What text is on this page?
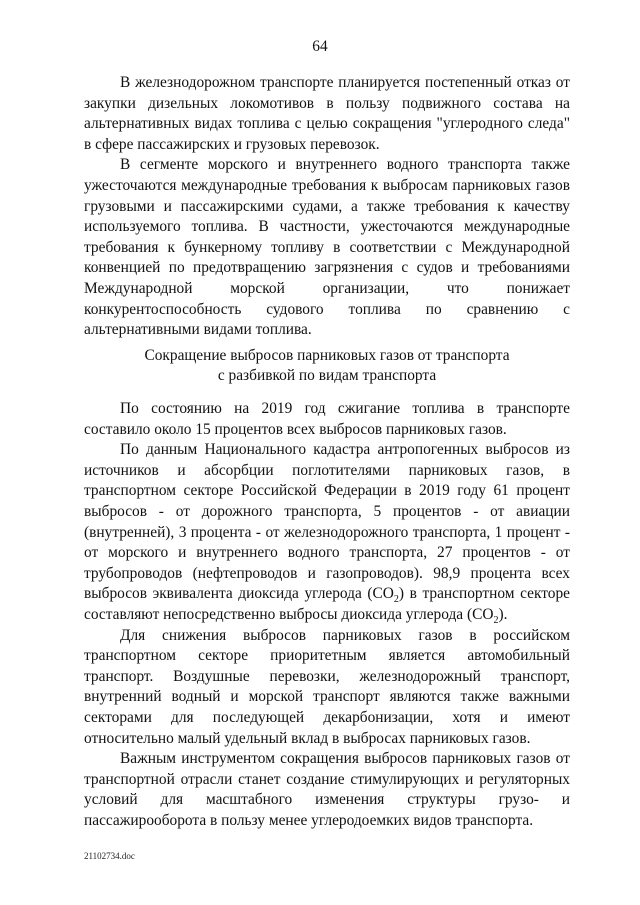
64

В железнодорожном транспорте планируется постепенный отказ от закупки дизельных локомотивов в пользу подвижного состава на альтернативных видах топлива с целью сокращения "углеродного следа" в сфере пассажирских и грузовых перевозок.

В сегменте морского и внутреннего водного транспорта также ужесточаются международные требования к выбросам парниковых газов грузовыми и пассажирскими судами, а также требования к качеству используемого топлива. В частности, ужесточаются международные требования к бункерному топливу в соответствии с Международной конвенцией по предотвращению загрязнения с судов и требованиями Международной морской организации, что понижает конкурентоспособность судового топлива по сравнению с альтернативными видами топлива.

Сокращение выбросов парниковых газов от транспорта

с разбивкой по видам транспорта

По состоянию на 2019 год сжигание топлива в транспорте составило около 15 процентов всех выбросов парниковых газов.

По данным Национального кадастра антропогенных выбросов из источников и абсорбции поглотителями парниковых газов, в транспортном секторе Российской Федерации в 2019 году 61 процент выбросов - от дорожного транспорта, 5 процентов - от авиации (внутренней), 3 процента - от железнодорожного транспорта, 1 процент - от морского и внутреннего водного транспорта, 27 процентов - от трубопроводов (нефтепроводов и газопроводов). 98,9 процента всех выбросов эквивалента диоксида углерода $(CO_2)$ в транспортном секторе составляют непосредственно выбросы диоксида углерода $(CO_2)$.

Для снижения выбросов парниковых газов в российском транспортном секторе приоритетным является автомобильный транспорт. Воздушные перевозки, железнодорожный транспорт, внутренний водный и морской транспорт являются также важными секторами для последующей декарбонизации, хотя и имеют относительно малый удельный вклад в выбросах парниковых газов.

Важным инструментом сокращения выбросов парниковых газов от транспортной отрасли станет создание стимулирующих и регуляторных условий для масштабного изменения структуры грузо- и пассажирооборота в пользу менее углеродоемких видов транспорта.

21102734.doc
